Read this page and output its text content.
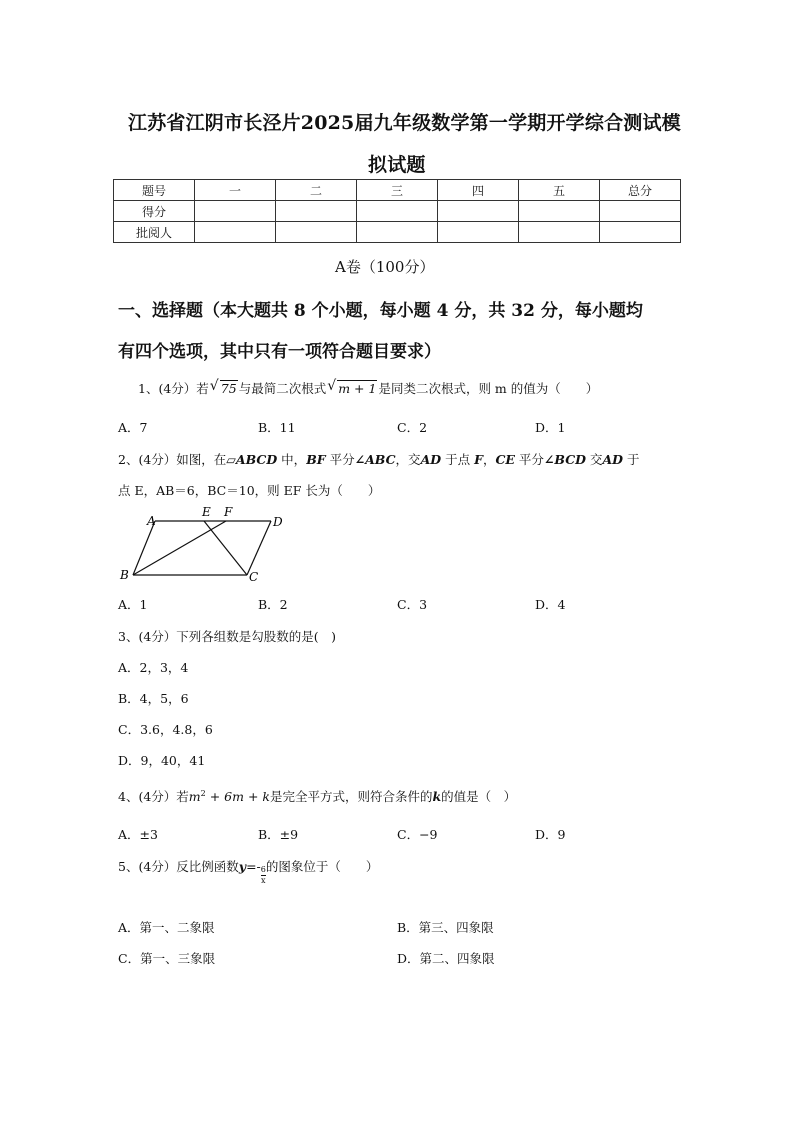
江苏省江阴市长泾片2025届九年级数学第一学期开学综合测试模
拟试题
题号	一	二	三	四	五	总分
得分						
批阅人						
A卷（100分）
一、选择题（本大题共 8 个小题，每小题 4 分，共 32 分，每小题均
有四个选项，其中只有一项符合题目要求）
1、(4分）若 √ 75 与最简二次根式 √ m + 1 是同类二次根式，则 m 的值为（　　）
A．7	B．11	C．2	D．1
2、(4分）如图，在▱ABCD 中，BF 平分∠ABC，交AD 于点 F，CE 平分∠BCD 交AD 于
点 E，AB＝6，BC＝10，则 EF 长为（　　）
A
B	C
D
E F
A．1	B．2	C．3	D．4
3、(4分）下列各组数是勾股数的是(　)
A．2，3，4
B．4，5，6
C．3.6，4.8，6
D．9，40，41
4、(4分）若$m^2 + 6m + k$是完全平方式，则符合条件的k的值是（　）
A．±3	B．±9	C．−9	D．9
5、(4分）反比例函数$y=- \frac{6}{x}$ 的图象位于（　　）
A．第一、二象限	B．第三、四象限
C．第一、三象限	D．第二、四象限
